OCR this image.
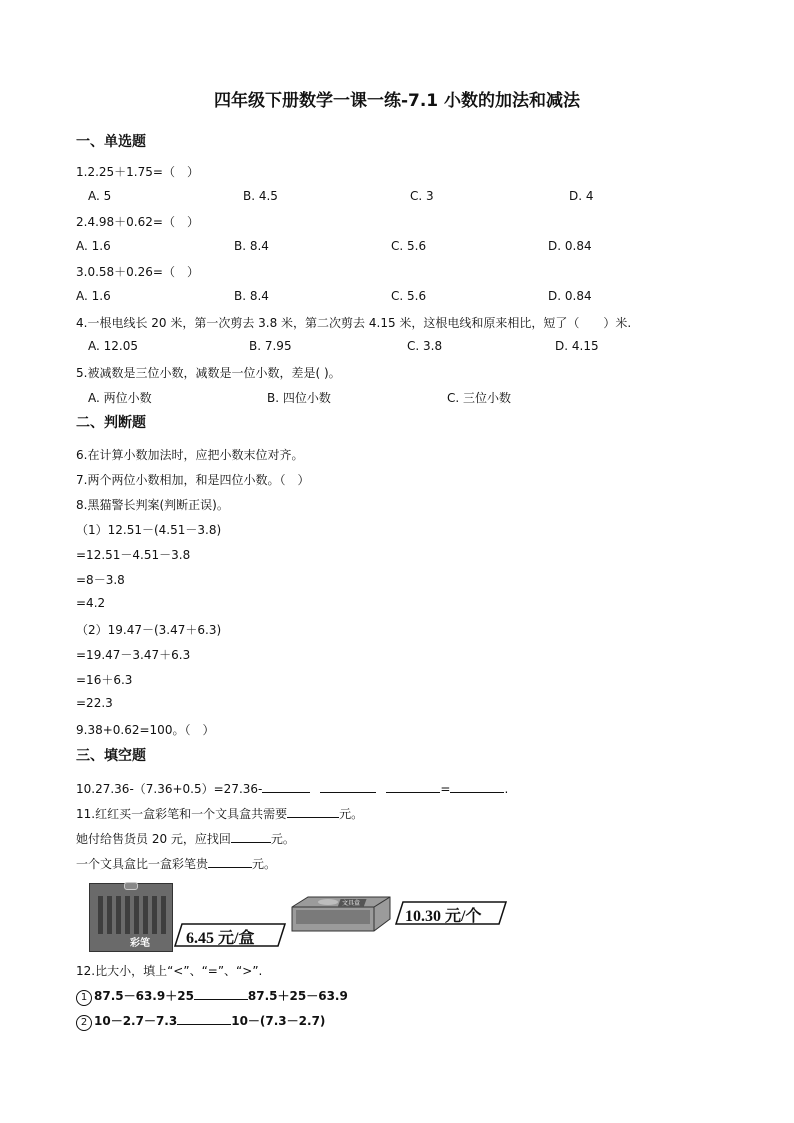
四年级下册数学一课一练-7.1 小数的加法和减法
一、单选题
1.2.25＋1.75=（　）
A. 5	B. 4.5	C. 3	D. 4
2.4.98＋0.62=（　）
A. 1.6	B. 8.4	C. 5.6	D. 0.84
3.0.58＋0.26=（　）
A. 1.6	B. 8.4	C. 5.6	D. 0.84
4.一根电线长 20 米，第一次剪去 3.8 米，第二次剪去 4.15 米，这根电线和原来相比，短了（　　）米.
A. 12.05	B. 7.95	C. 3.8	D. 4.15
5.被减数是三位小数，减数是一位小数，差是( )。
A. 两位小数	B. 四位小数	C. 三位小数
二、判断题
6.在计算小数加法时，应把小数末位对齐。
7.两个两位小数相加，和是四位小数。（　）
8.黑猫警长判案(判断正误)。
（1）12.51－(4.51－3.8)
=12.51－4.51－3.8
=8－3.8
=4.2
（2）19.47－(3.47＋6.3)
=19.47－3.47＋6.3
=16＋6.3
=22.3
9.38+0.62=100。（　）
三、填空题
10.27.36-（7.36+0.5）=27.36-	=	.
11.红红买一盒彩笔和一个文具盒共需要	元。
她付给售货员 20 元，应找回	元。
一个文具盒比一盒彩笔贵	元。
彩笔 6.45 元/盒
文具盒
10.30 元/个
12.比大小，填上“<”、“=”、“>”.
1 87.5－63.9＋25	87.5＋25－63.9
2 10－2.7－7.3	10－(7.3－2.7)
